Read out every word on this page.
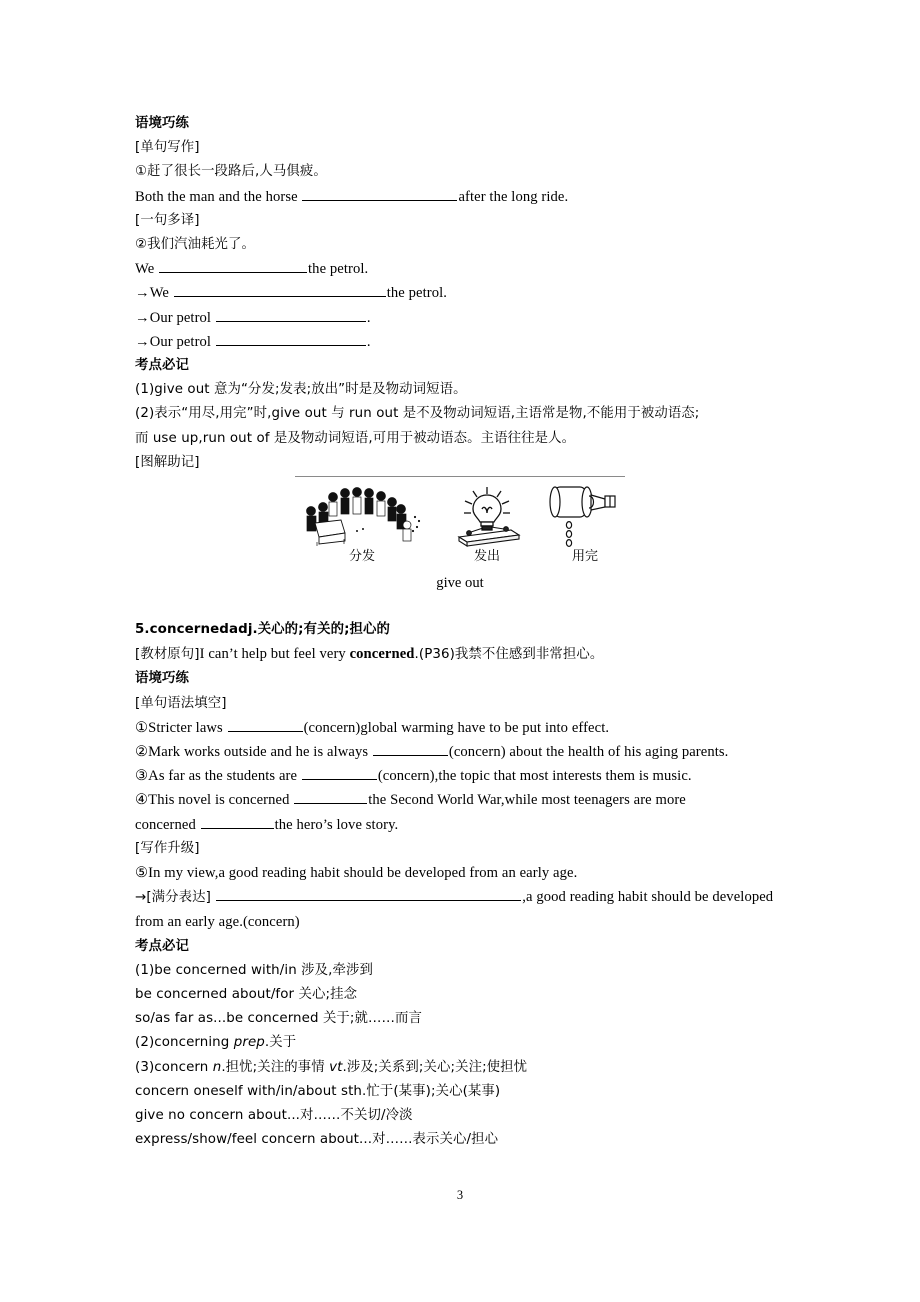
语境巧练
[单句写作]
①赶了很长一段路后,人马俱疲。
Both the man and the horse	after the long ride.
[一句多译]
②我们汽油耗光了。
We	the petrol.
→We	the petrol.
→Our petrol	.
→Our petrol	.
考点必记
(1)give out 意为“分发;发表;放出”时是及物动词短语。
(2)表示“用尽,用完”时,give out 与 run out 是不及物动词短语,主语常是物,不能用于被动语态;
而 use up,run out of 是及物动词短语,可用于被动语态。主语往往是人。
[图解助记]
分发	发出	用完
give out
5.concernedadj.关心的;有关的;担心的
[教材原句]I can’t help but feel very concerned.(P36)我禁不住感到非常担心。
语境巧练
[单句语法填空]
①Stricter laws	(concern)global warming have to be put into effect.
②Mark works outside and he is always	(concern) about the health of his aging parents.
③As far as the students are	(concern),the topic that most interests them is music.
④This novel is concerned	the Second World War,while most teenagers are more
concerned	the hero’s love story.
[写作升级]
⑤In my view,a good reading habit should be developed from an early age.
→[满分表达]	,a good reading habit should be developed from an early age.(concern)
考点必记
(1)be concerned with/in 涉及,牵涉到
be concerned about/for 关心;挂念
so/as far as...be concerned 关于;就……而言
(2)concerning prep.关于
(3)concern n.担忧;关注的事情 vt.涉及;关系到;关心;关注;使担忧
concern oneself with/in/about sth.忙于(某事);关心(某事)
give no concern about...对……不关切/冷淡
express/show/feel concern about...对……表示关心/担心
3
